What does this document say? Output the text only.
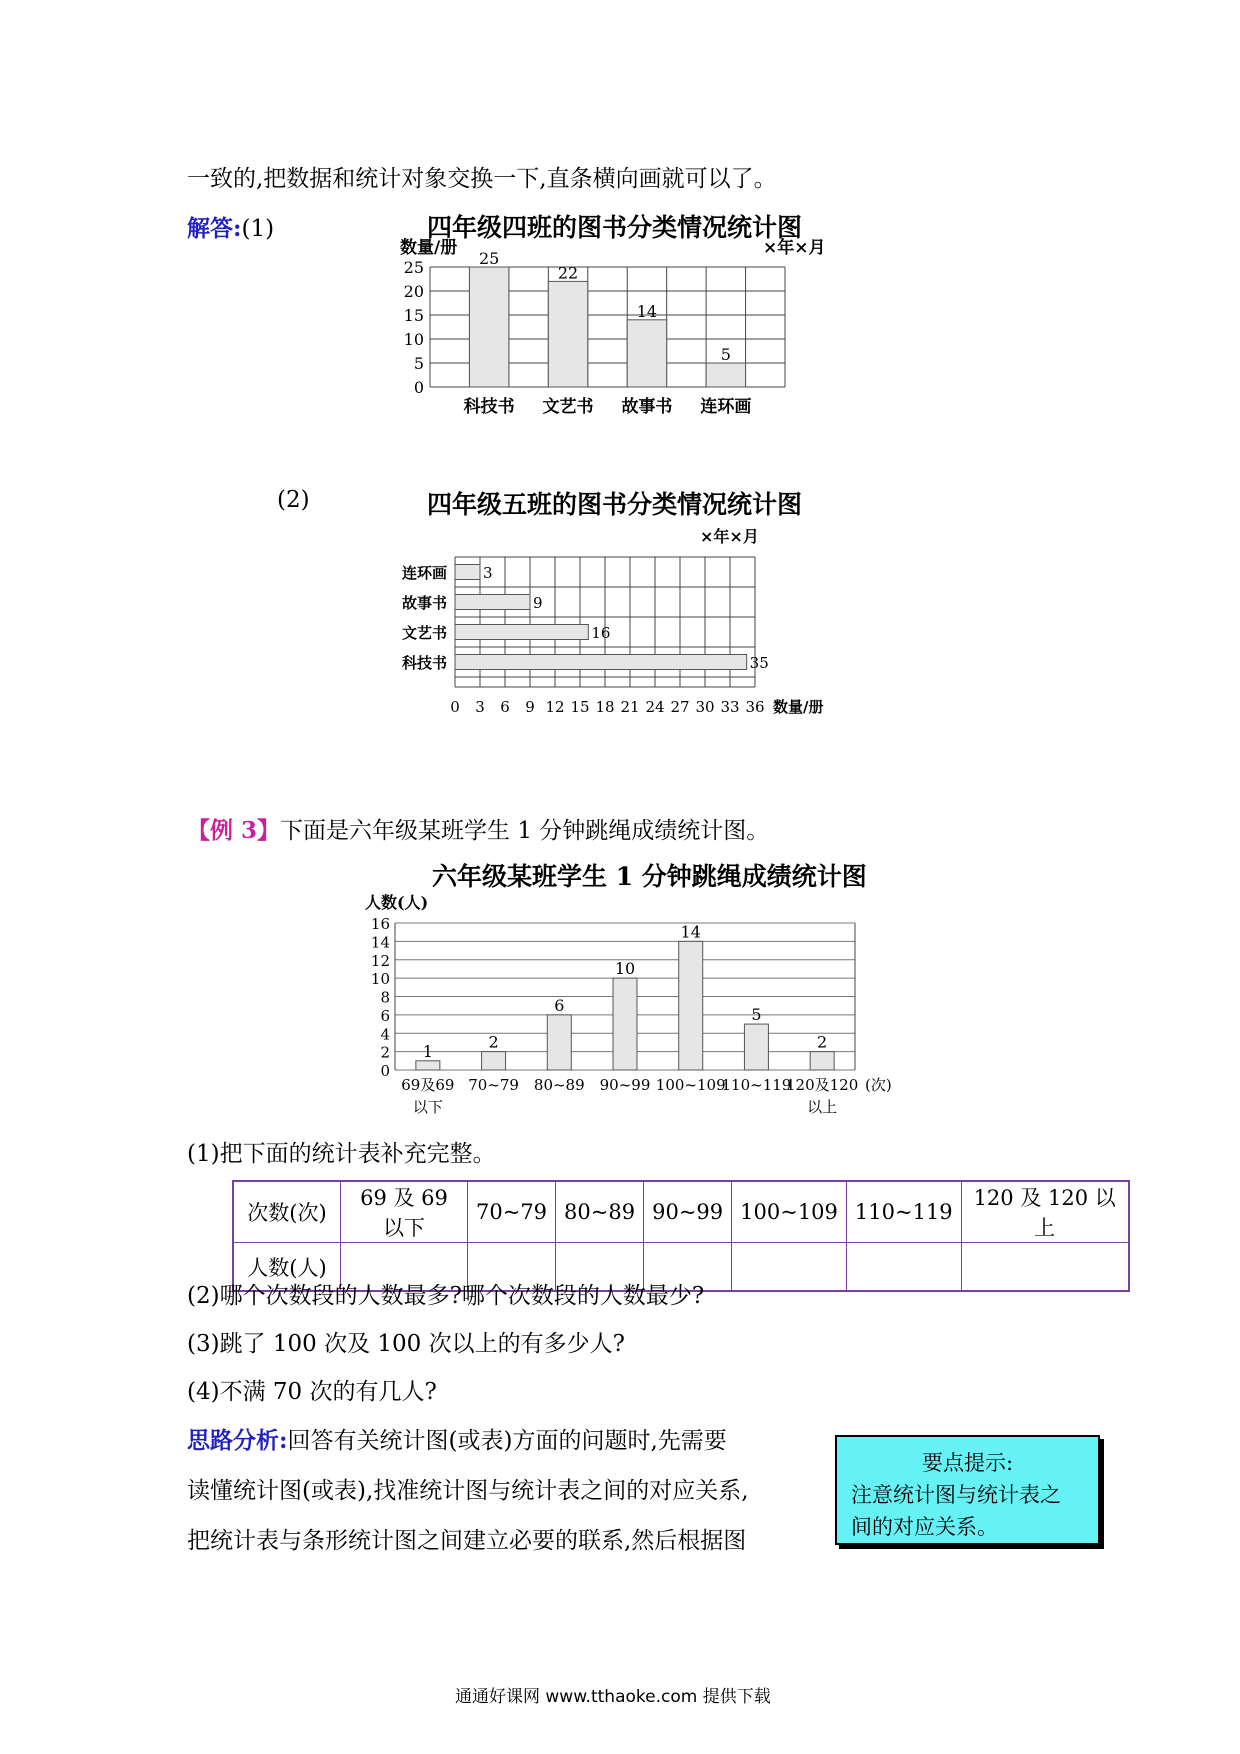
一致的,把数据和统计对象交换一下,直条横向画就可以了。
解答:(1)	四年级四班的图书分类情况统计图
25
科技书
22
文艺书
14
故事书
5
连环画
0
5
10
15
20
25
数量/册	×年×月
(2)	四年级五班的图书分类情况统计图
3
连环画
9
故事书
16
文艺书
35
科技书
0 3 6 9 12 15 18 21 24 27 30 33 36 数量/册
×年×月
【例 3】下面是六年级某班学生 1 分钟跳绳成绩统计图。
六年级某班学生 1 分钟跳绳成绩统计图
0
2
4
6
8
10
12
14
16
1
69及69
以下
2
70~79
6
80~89
10
90~99
14
100~109
5
110~119
2
120及120
以上
(次)
人数(人)
(1)把下面的统计表补充完整。
次数(次)	69 及 69 以下	70~79	80~89	90~99	100~109	110~119	120 及 120 以上
人数(人)							
(2)哪个次数段的人数最多?哪个次数段的人数最少?
(3)跳了 100 次及 100 次以上的有多少人?
(4)不满 70 次的有几人?
思路分析:回答有关统计图(或表)方面的问题时,先需要
读懂统计图(或表),找准统计图与统计表之间的对应关系,
把统计表与条形统计图之间建立必要的联系,然后根据图
要点提示:
注意统计图与统计表之
间的对应关系。
通通好课网 www.tthaoke.com 提供下载
